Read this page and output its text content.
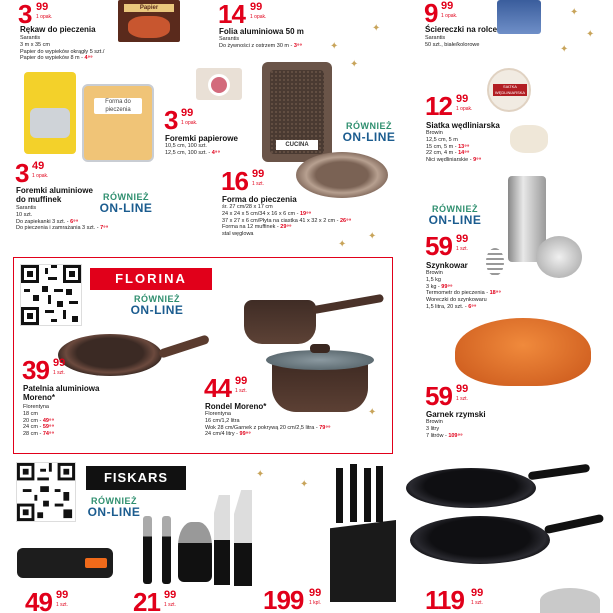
3 99
1 opak.
Rękaw do pieczenia
Sarantis
3 m x 35 cm
Papier do wypieków okrągły 5 szt./
Papier do wypieków 8 m - 4⁹⁹
Papier	14 99
1 opak.
Folia aluminiowa 50 m
Sarantis
Do żywności z ostrzem 30 m - 3⁹⁹
9 99
1 opak.
Ściereczki na rolce
Sarantis
50 szt., białe/kolorowe
✦
✦
✦
✦
✦
✦
Forma do pieczenia
3 49
1 opak.
Foremki aluminiowe do muffinek
Sarantis
10 szt.
Do zapiekanki 3 szt. - 6⁹⁹
Do pieczenia i zamrażania 3 szt. - 7⁹⁹
RÓWNIEŻ
ON-LINE
3 99
1 opak.
Foremki papierowe
10,5 cm, 100 szt.
12,5 cm, 100 szt. - 4⁹⁹
CUCINA
RÓWNIEŻ
ON-LINE
16 99
1 szt.
Forma do pieczenia
śr. 27 cm/28 x 17 cm
24 x 24 x 5 cm/34 x 16 x 6 cm - 19⁹⁹
37 x 27 x 6 cm/Płyta na ciastka 41 x 32 x 2 cm - 26⁹⁹
Forma na 12 muffinek - 29⁹⁹
stal węglowa
SIATKA WĘDLINIARSKA
12 99
1 opak.
Siatka wędliniarska
Browin
12,5 cm, 5 m
15 cm, 5 m - 13⁹⁹
22 cm, 4 m - 14⁹⁹
Nici wędliniarskie - 9⁹⁹
RÓWNIEŻ
ON-LINE
59 99
1 szt.
Szynkowar
Browin
1,5 kg
3 kg - 99⁹⁹
Termometr do pieczenia - 18⁹⁹
Woreczki do szynkowaru
1,5 litra, 20 szt. - 6⁹⁹
59 99
1 szt.
Garnek rzymski
Browin
3 litry
7 litrów - 109⁹⁹
FLORINA
RÓWNIEŻ
ON-LINE
39 99
1 szt.
Patelnia aluminiowa Moreno*
Florentyna
18 cm
20 cm - 49⁹⁹
24 cm - 59⁹⁹
28 cm - 74⁹⁹
44 99
1 szt.
Rondel Moreno*
Florentyna
16 cm/1,2 litra
Wok 28 cm/Garnek z pokrywą 20 cm/2,5 litra - 79⁹⁹
24 cm/4 litry - 99⁹⁹
✦
✦
✦
FISKARS
RÓWNIEŻ
ON-LINE
✦
✦
49 99
1 szt.	21 99
1 szt.	199 99
1 kpl.	119 99
1 szt.
